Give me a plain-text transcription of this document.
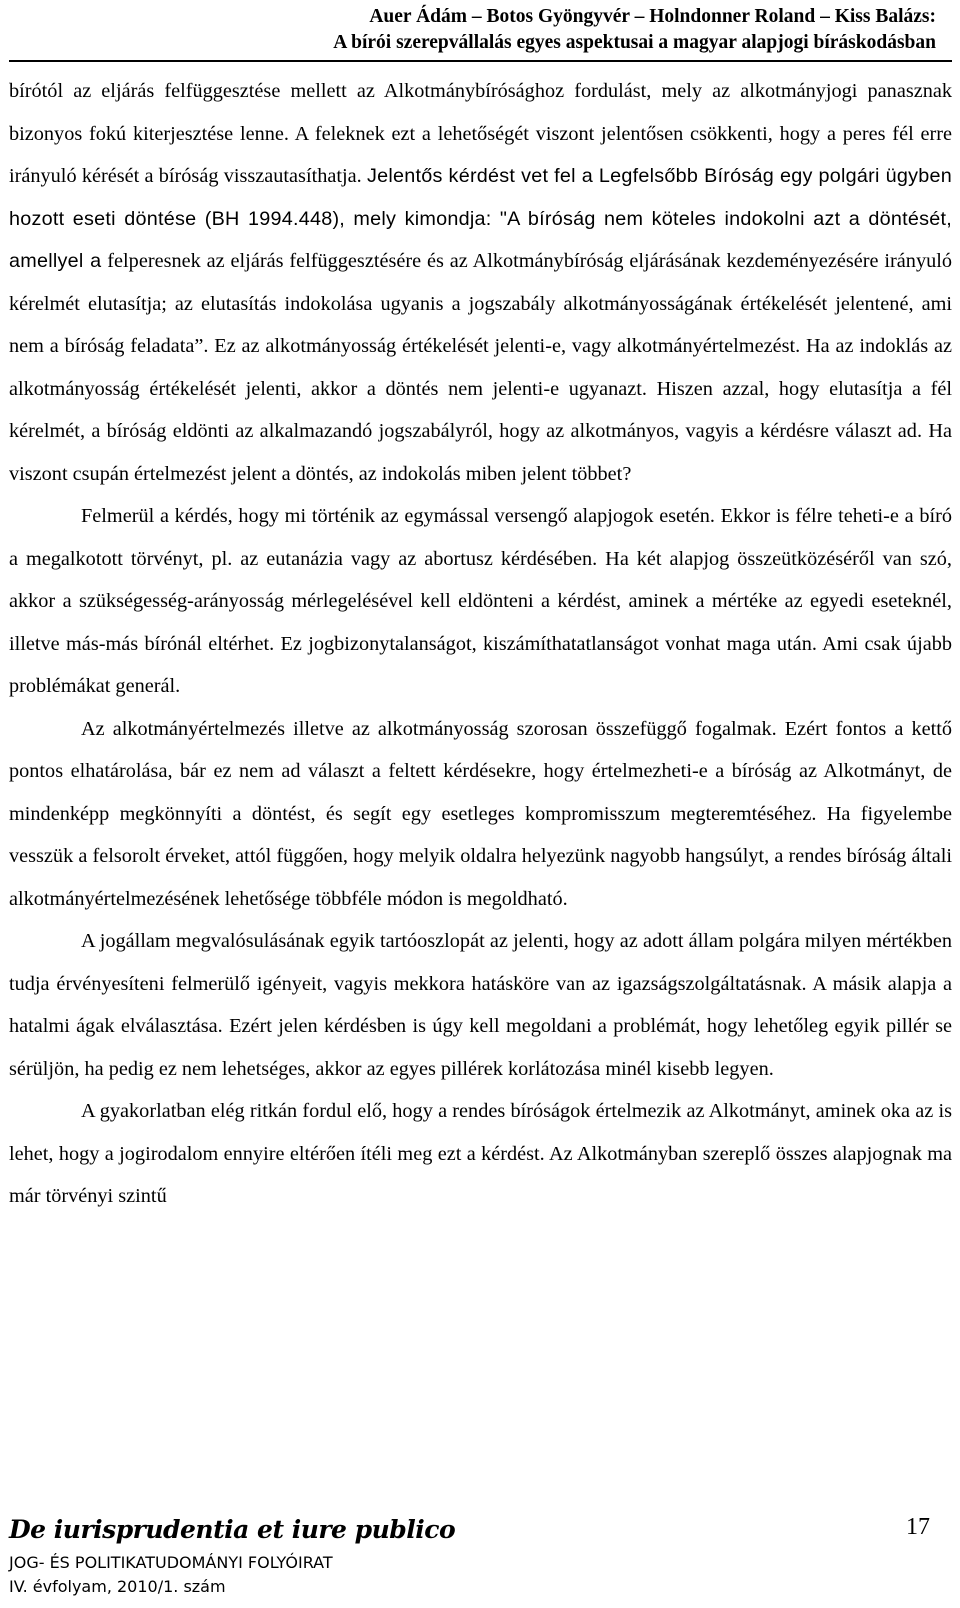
Auer Ádám – Botos Gyöngyvér – Holndonner Roland – Kiss Balázs:
A bírói szerepvállalás egyes aspektusai a magyar alapjogi bíráskodásban

bírótól az eljárás felfüggesztése mellett az Alkotmánybírósághoz fordulást, mely az alkotmányjogi panasznak bizonyos fokú kiterjesztése lenne. A feleknek ezt a lehetőségét viszont jelentősen csökkenti, hogy a peres fél erre irányuló kérését a bíróság visszautasíthatja. Jelentős kérdést vet fel a Legfelsőbb Bíróság egy polgári ügyben hozott eseti döntése (BH 1994.448), mely kimondja: "A bíróság nem köteles indokolni azt a döntését, amellyel a felperesnek az eljárás felfüggesztésére és az Alkotmánybíróság eljárásának kezdeményezésére irányuló kérelmét elutasítja; az elutasítás indokolása ugyanis a jogszabály alkotmányosságának értékelését jelentené, ami nem a bíróság feladata”. Ez az alkotmányosság értékelését jelenti-e, vagy alkotmányértelmezést. Ha az indoklás az alkotmányosság értékelését jelenti, akkor a döntés nem jelenti-e ugyanazt. Hiszen azzal, hogy elutasítja a fél kérelmét, a bíróság eldönti az alkalmazandó jogszabályról, hogy az alkotmányos, vagyis a kérdésre választ ad. Ha viszont csupán értelmezést jelent a döntés, az indokolás miben jelent többet?

Felmerül a kérdés, hogy mi történik az egymással versengő alapjogok esetén. Ekkor is félre teheti-e a bíró a megalkotott törvényt, pl. az eutanázia vagy az abortusz kérdésében. Ha két alapjog összeütközéséről van szó, akkor a szükségesség-arányosság mérlegelésével kell eldönteni a kérdést, aminek a mértéke az egyedi eseteknél, illetve más-más bírónál eltérhet. Ez jogbizonytalanságot, kiszámíthatatlanságot vonhat maga után. Ami csak újabb problémákat generál.

Az alkotmányértelmezés illetve az alkotmányosság szorosan összefüggő fogalmak. Ezért fontos a kettő pontos elhatárolása, bár ez nem ad választ a feltett kérdésekre, hogy értelmezheti-e a bíróság az Alkotmányt, de mindenképp megkönnyíti a döntést, és segít egy esetleges kompromisszum megteremtéséhez. Ha figyelembe vesszük a felsorolt érveket, attól függően, hogy melyik oldalra helyezünk nagyobb hangsúlyt, a rendes bíróság általi alkotmányértelmezésének lehetősége többféle módon is megoldható.

A jogállam megvalósulásának egyik tartóoszlopát az jelenti, hogy az adott állam polgára milyen mértékben tudja érvényesíteni felmerülő igényeit, vagyis mekkora hatásköre van az igazságszolgáltatásnak. A másik alapja a hatalmi ágak elválasztása. Ezért jelen kérdésben is úgy kell megoldani a problémát, hogy lehetőleg egyik pillér se sérüljön, ha pedig ez nem lehetséges, akkor az egyes pillérek korlátozása minél kisebb legyen.

A gyakorlatban elég ritkán fordul elő, hogy a rendes bíróságok értelmezik az Alkotmányt, aminek oka az is lehet, hogy a jogirodalom ennyire eltérően ítéli meg ezt a kérdést. Az Alkotmányban szereplő összes alapjognak ma már törvényi szintű

De iurisprudentia et iure publico
JOG- ÉS POLITIKATUDOMÁNYI FOLYÓIRAT
IV. évfolyam, 2010/1. szám
17
